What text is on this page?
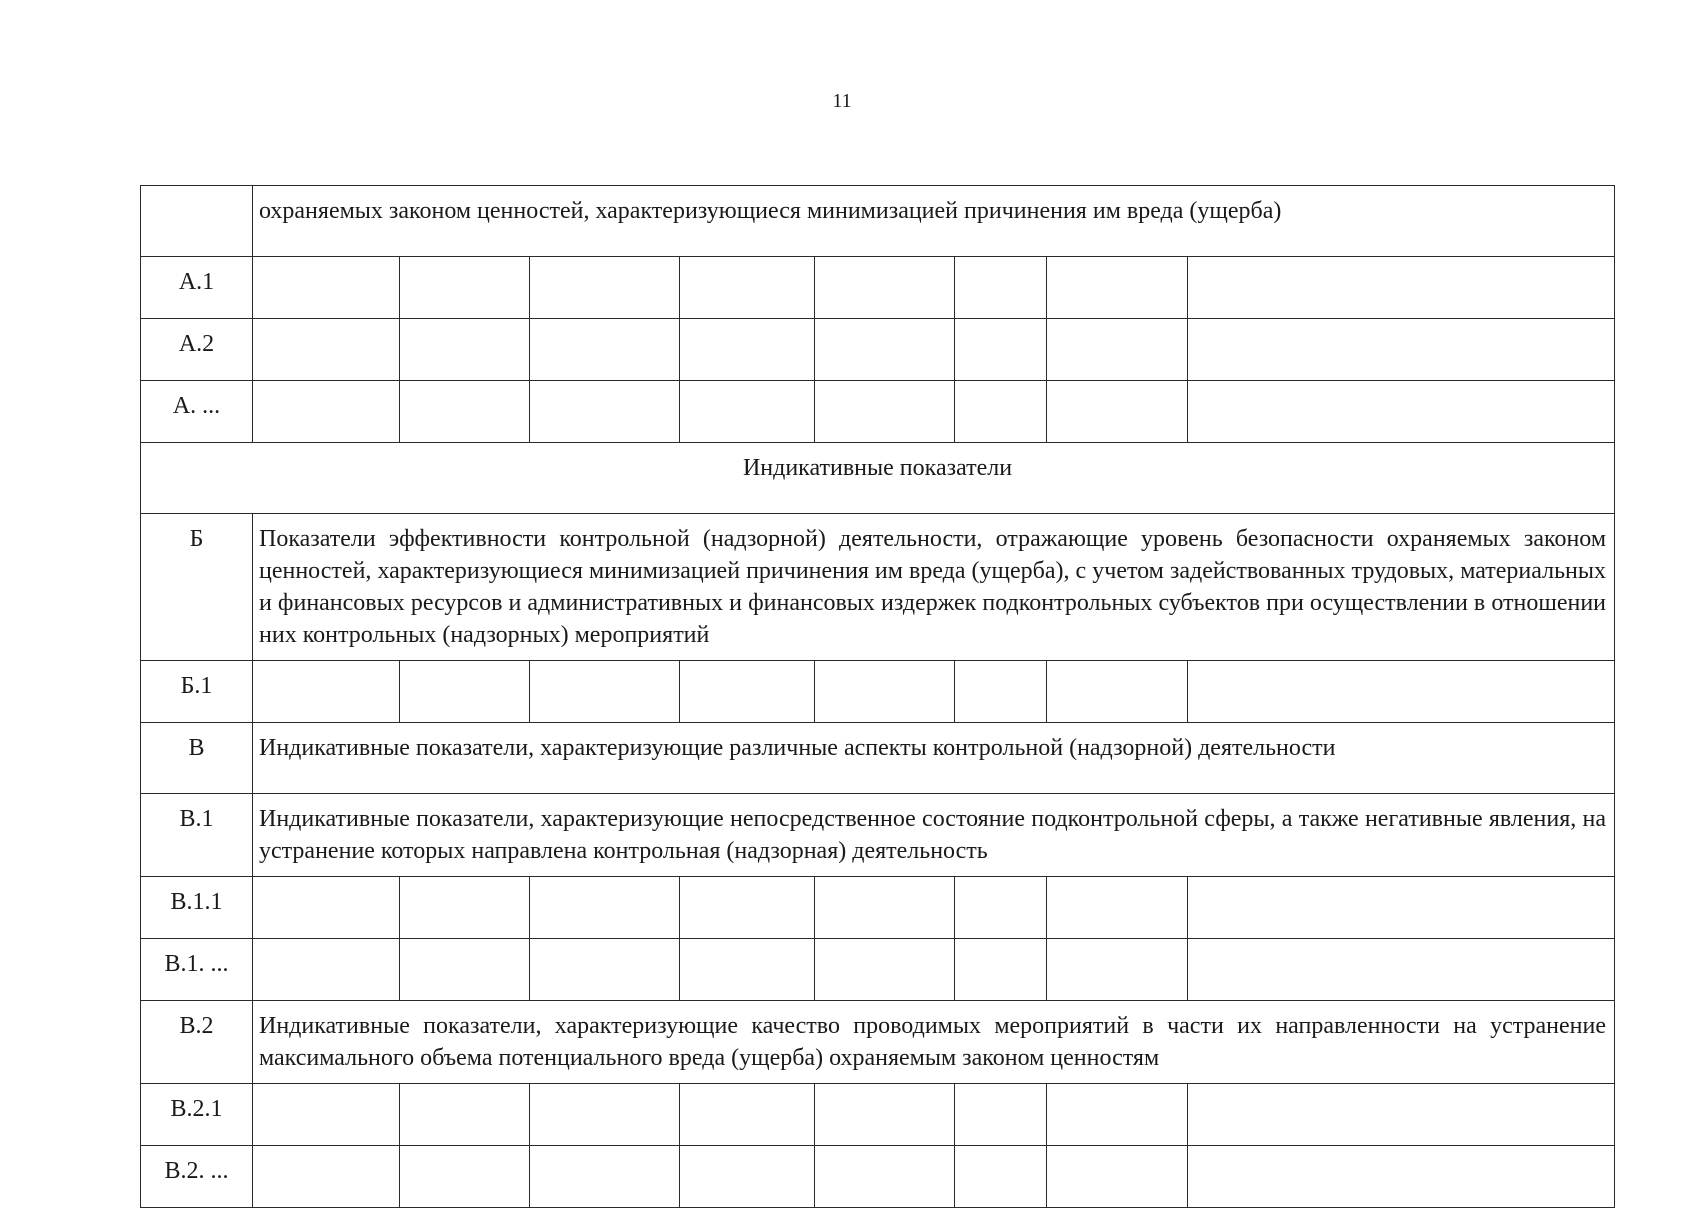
11
	охраняемых законом ценностей, характеризующиеся минимизацией причинения им вреда (ущерба)							
А.1								
А.2								
А. ...								
Индикативные показатели								
Б	Показатели эффективности контрольной (надзорной) деятельности, отражающие уровень безопасности охраняемых законом ценностей, характеризующиеся минимизацией причинения им вреда (ущерба), с учетом задействованных трудовых, материальных и финансовых ресурсов и административных и финансовых издержек подконтрольных субъектов при осуществлении в отношении них контрольных (надзорных) мероприятий							
Б.1								
В	Индикативные показатели, характеризующие различные аспекты контрольной (надзорной) деятельности							
В.1	Индикативные показатели, характеризующие непосредственное состояние подконтрольной сферы, а также негативные явления, на устранение которых направлена контрольная (надзорная) деятельность							
В.1.1								
В.1. ...								
В.2	Индикативные показатели, характеризующие качество проводимых мероприятий в части их направленности на устранение максимального объема потенциального вреда (ущерба) охраняемым законом ценностям							
В.2.1								
В.2. ...								
